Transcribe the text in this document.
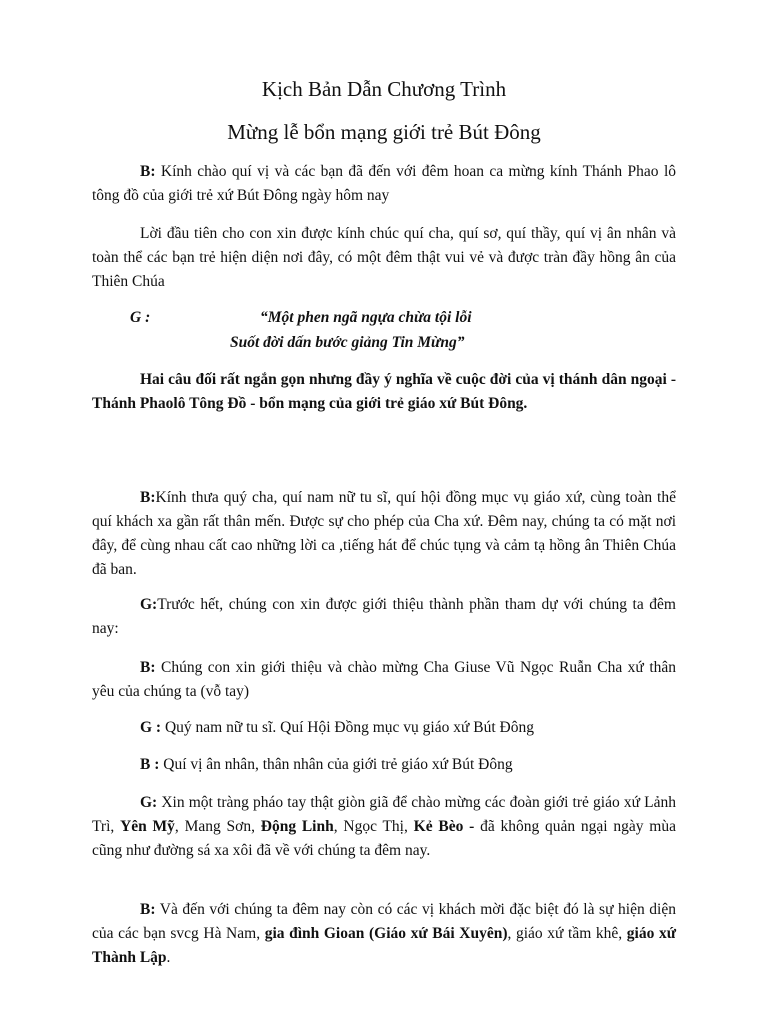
Kịch Bản Dẫn Chương Trình
Mừng lễ bổn mạng giới trẻ Bút Đông

B: Kính chào quí vị và các bạn đã đến với đêm hoan ca mừng kính Thánh Phao lô tông đồ của giới trẻ xứ Bút Đông ngày hôm nay

Lời đầu tiên cho con xin được kính chúc quí cha, quí sơ, quí thầy, quí vị ân nhân và toàn thể các bạn trẻ hiện diện nơi đây, có một đêm thật vui vẻ và được tràn đầy hồng ân của Thiên Chúa

G :	“Một phen ngã ngựa chừa tội lỗi
Suốt đời dấn bước giảng Tin Mừng”

Hai câu đối rất ngắn gọn nhưng đầy ý nghĩa về cuộc đời của vị thánh dân ngoại - Thánh Phaolô Tông Đồ - bổn mạng của giới trẻ giáo xứ Bút Đông.

B:Kính thưa quý cha, quí nam nữ tu sĩ, quí hội đồng mục vụ giáo xứ, cùng toàn thể quí khách xa gần rất thân mến. Được sự cho phép của Cha xứ. Đêm nay, chúng ta có mặt nơi đây, để cùng nhau cất cao những lời ca ,tiếng hát để chúc tụng và cảm tạ hồng ân Thiên Chúa đã ban.

G:Trước hết, chúng con xin được giới thiệu thành phần tham dự với chúng ta đêm nay:

B: Chúng con xin giới thiệu và chào mừng Cha Giuse Vũ Ngọc Ruẫn Cha xứ thân yêu của chúng ta (vỗ tay)

G : Quý nam nữ tu sĩ. Quí Hội Đồng mục vụ giáo xứ Bút Đông

B : Quí vị ân nhân, thân nhân của giới trẻ giáo xứ Bút Đông

G: Xin một tràng pháo tay thật giòn giã để chào mừng các đoàn giới trẻ giáo xứ Lảnh Trì, Yên Mỹ, Mang Sơn, Động Linh, Ngọc Thị, Kẻ Bèo - đã không quản ngại ngày mùa cũng như đường sá xa xôi đã về với chúng ta đêm nay.

B: Và đến với chúng ta đêm nay còn có các vị khách mời đặc biệt đó là sự hiện diện của các bạn svcg Hà Nam, gia đình Gioan (Giáo xứ Bái Xuyên), giáo xứ tầm khê, giáo xứ Thành Lập.
